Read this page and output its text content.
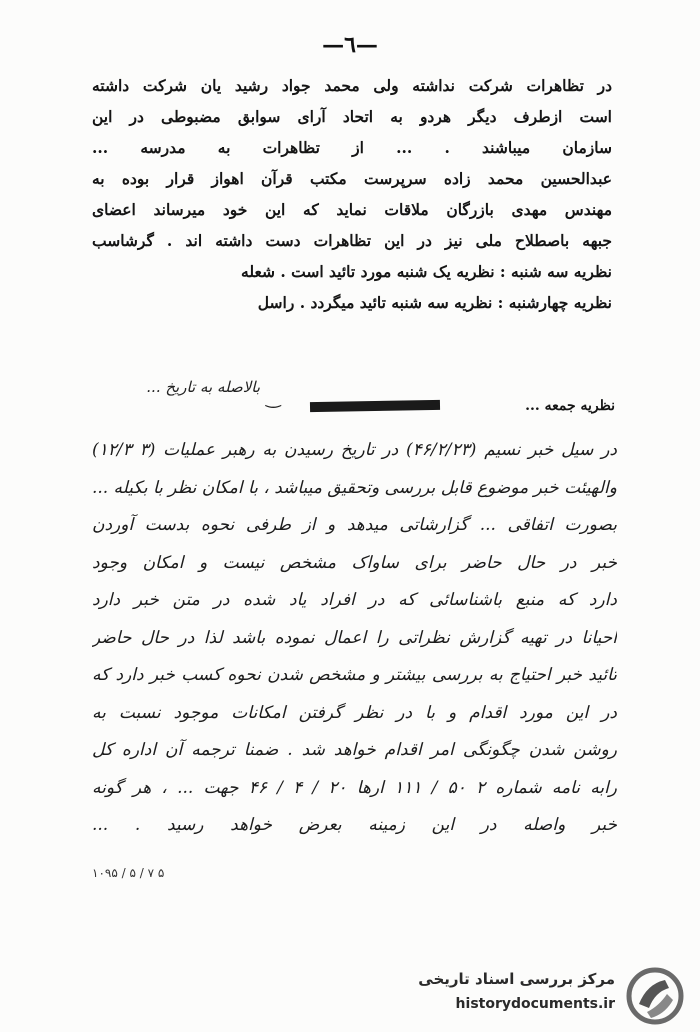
—٦—
در تظاهرات شرکت نداشته ولی محمد جواد رشید یان شرکت داشته
است ازطرف دیگر هردو به اتحاد آرای سوابق مضبوطی در این
سازمان میباشند . ... از تظاهرات به مدرسه ...
عبدالحسین محمد زاده سرپرست مکتب قرآن اهواز قرار بوده به
مهندس مهدی بازرگان ملاقات نماید که این خود میرساند اعضای
جبهه باصطلاح ملی نیز در این تظاهرات دست داشته اند . گرشاسب
نظریه سه شنبه : نظریه یک شنبه مورد تائید است . شعله
نظریه چهارشنبه : نظریه سه شنبه تائید میگردد . راسل
نظریه جمعه ...
‿
بالاصله به تاریخ ...
در سیل خبر نسیم (۴۶/۲/۲۳) در تاریخ رسیدن به رهبر عملیات (۳ ۱۲/۳)
والهیئت خبر موضوع قابل بررسی وتحقیق میباشد ، با امکان نظر با بکیله ...
بصورت اتفاقی ... گزارشاتی میدهد و از طرفی نحوه بدست آوردن
خبر در حال حاضر برای ساواک مشخص نیست و امکان وجود
دارد که منبع باشناسائی که در افراد یاد شده در متن خبر دارد
احیانا در تهیه گزارش نظراتی را اعمال نموده باشد لذا در حال حاضر
تائید خبر احتیاج به بررسی بیشتر و مشخص شدن نحوه کسب خبر دارد که
در این مورد اقدام و با در نظر گرفتن امکانات موجود نسبت به
روشن شدن چگونگی امر اقدام خواهد شد . ضمنا ترجمه آن اداره کل
رابه نامه شماره ۲ ۵۰ / ۱۱۱ ارها ۲۰ / ۴ / ۴۶ جهت ... ، هر گونه
خبر واصله در این زمینه بعرض خواهد رسید . ...
۱۰۹۵ / ۵ / ۷ ۵
مرکز بررسی اسناد تاریخی
historydocuments.ir
